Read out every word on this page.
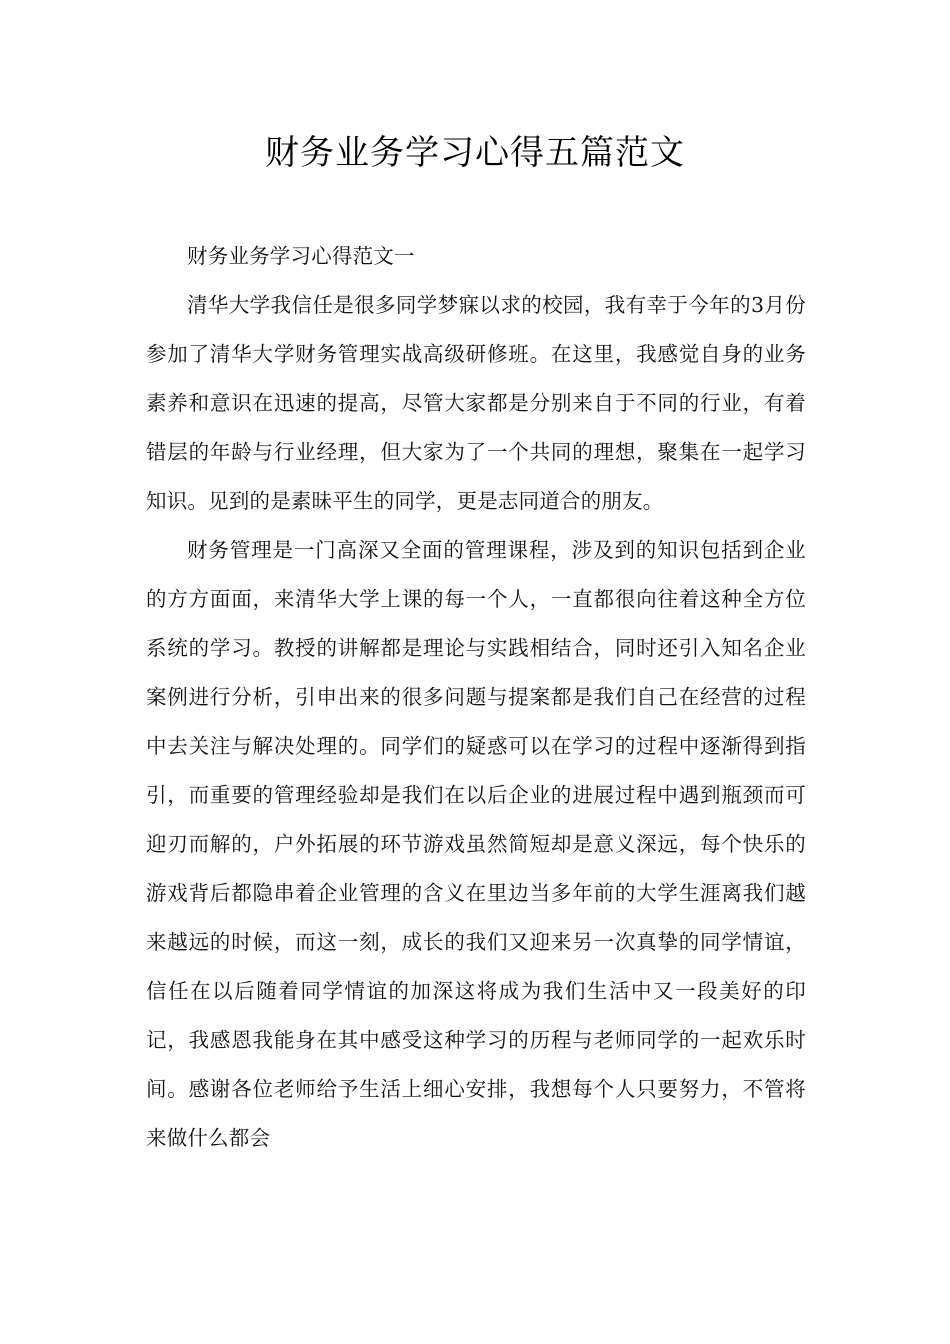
财务业务学习心得五篇范文

财务业务学习心得范文一

清华大学我信任是很多同学梦寐以求的校园，我有幸于今年的3月份参加了清华大学财务管理实战高级研修班。在这里，我感觉自身的业务素养和意识在迅速的提高，尽管大家都是分别来自于不同的行业，有着错层的年龄与行业经理，但大家为了一个共同的理想，聚集在一起学习知识。见到的是素昧平生的同学，更是志同道合的朋友。

财务管理是一门高深又全面的管理课程，涉及到的知识包括到企业的方方面面，来清华大学上课的每一个人，一直都很向往着这种全方位系统的学习。教授的讲解都是理论与实践相结合，同时还引入知名企业案例进行分析，引申出来的很多问题与提案都是我们自己在经营的过程中去关注与解决处理的。同学们的疑惑可以在学习的过程中逐渐得到指引，而重要的管理经验却是我们在以后企业的进展过程中遇到瓶颈而可迎刃而解的，户外拓展的环节游戏虽然简短却是意义深远，每个快乐的游戏背后都隐串着企业管理的含义在里边当多年前的大学生涯离我们越来越远的时候，而这一刻，成长的我们又迎来另一次真挚的同学情谊，信任在以后随着同学情谊的加深这将成为我们生活中又一段美好的印记，我感恩我能身在其中感受这种学习的历程与老师同学的一起欢乐时间。感谢各位老师给予生活上细心安排，我想每个人只要努力，不管将来做什么都会
